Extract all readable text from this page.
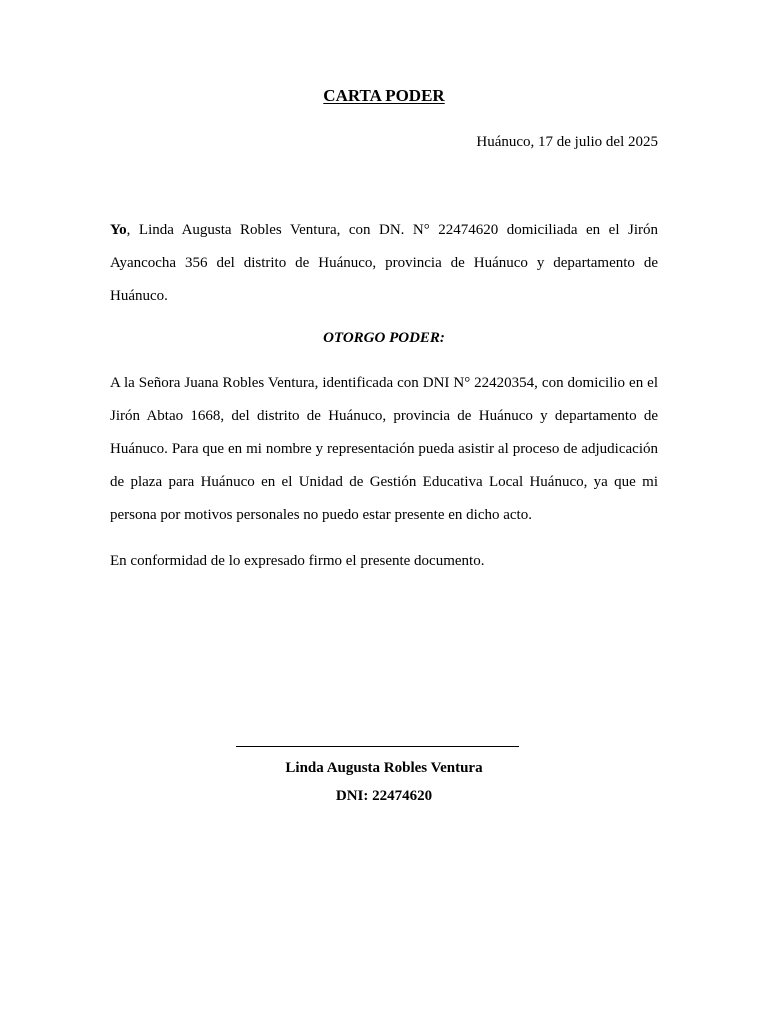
CARTA PODER

Huánuco, 17 de julio del 2025

Yo, Linda Augusta Robles Ventura, con DN. N° 22474620 domiciliada en el Jirón Ayancocha 356 del distrito de Huánuco, provincia de Huánuco y departamento de Huánuco.

OTORGO PODER:

A la Señora Juana Robles Ventura, identificada con DNI N° 22420354, con domicilio en el Jirón Abtao 1668, del distrito de Huánuco, provincia de Huánuco y departamento de Huánuco. Para que en mi nombre y representación pueda asistir al proceso de adjudicación de plaza para Huánuco en el Unidad de Gestión Educativa Local Huánuco, ya que mi persona por motivos personales no puedo estar presente en dicho acto.

En conformidad de lo expresado firmo el presente documento.

Linda Augusta Robles Ventura

DNI: 22474620
